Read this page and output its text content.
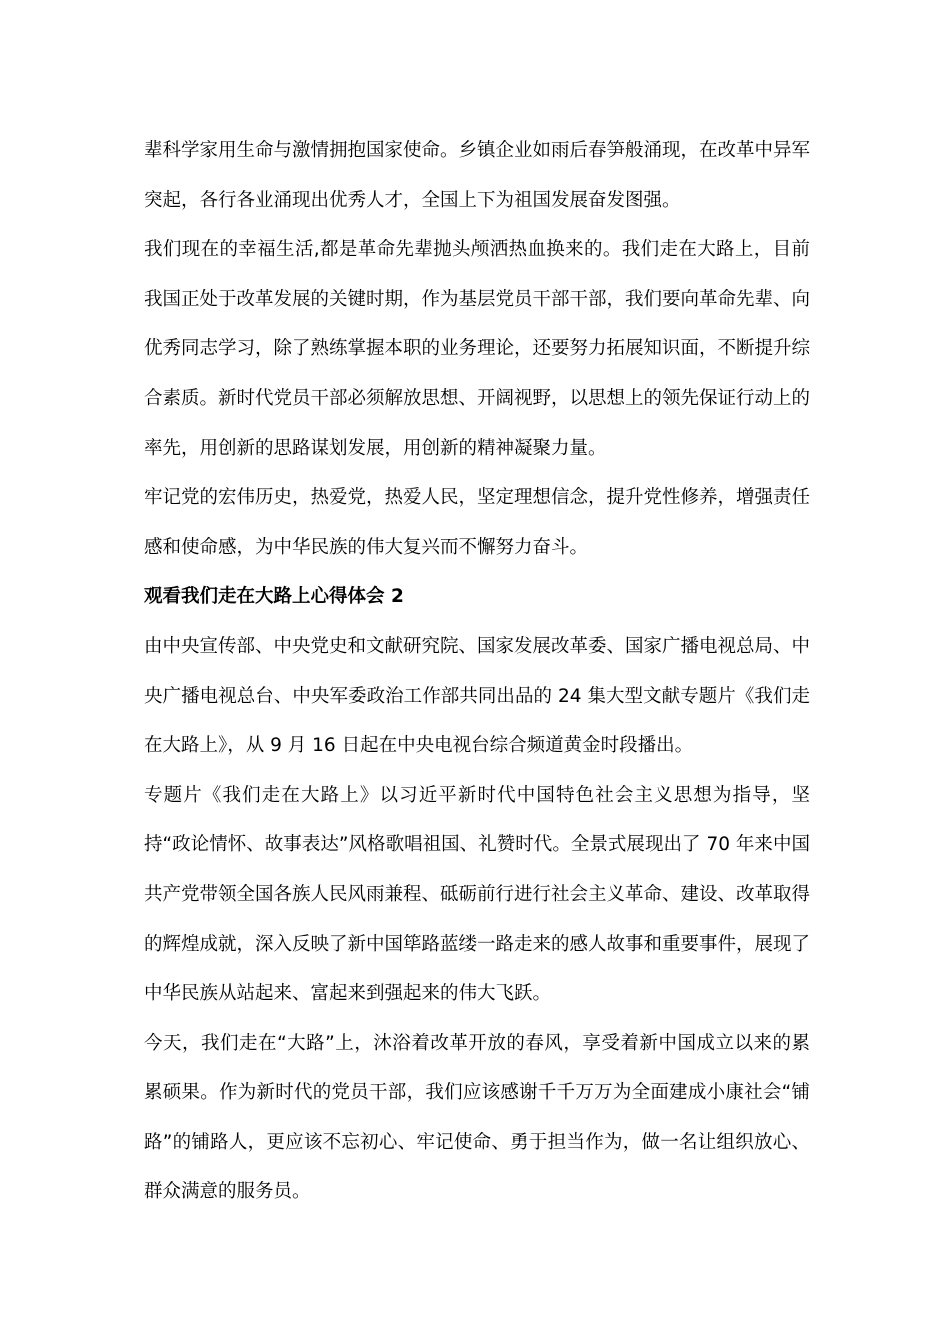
辈科学家用生命与激情拥抱国家使命。乡镇企业如雨后春笋般涌现，在改革中异军突起，各行各业涌现出优秀人才，全国上下为祖国发展奋发图强。

我们现在的幸福生活,都是革命先辈抛头颅洒热血换来的。我们走在大路上，目前我国正处于改革发展的关键时期，作为基层党员干部干部，我们要向革命先辈、向优秀同志学习，除了熟练掌握本职的业务理论，还要努力拓展知识面，不断提升综合素质。新时代党员干部必须解放思想、开阔视野，以思想上的领先保证行动上的率先，用创新的思路谋划发展，用创新的精神凝聚力量。

牢记党的宏伟历史，热爱党，热爱人民，坚定理想信念，提升党性修养，增强责任感和使命感，为中华民族的伟大复兴而不懈努力奋斗。

观看我们走在大路上心得体会 2

由中央宣传部、中央党史和文献研究院、国家发展改革委、国家广播电视总局、中央广播电视总台、中央军委政治工作部共同出品的 24 集大型文献专题片《我们走在大路上》，从 9 月 16 日起在中央电视台综合频道黄金时段播出。

专题片《我们走在大路上》以习近平新时代中国特色社会主义思想为指导，坚持“政论情怀、故事表达”风格歌唱祖国、礼赞时代。全景式展现出了 70 年来中国共产党带领全国各族人民风雨兼程、砥砺前行进行社会主义革命、建设、改革取得的辉煌成就，深入反映了新中国筚路蓝缕一路走来的感人故事和重要事件，展现了中华民族从站起来、富起来到强起来的伟大飞跃。

今天，我们走在“大路”上，沐浴着改革开放的春风，享受着新中国成立以来的累累硕果。作为新时代的党员干部，我们应该感谢千千万万为全面建成小康社会“铺路”的铺路人，更应该不忘初心、牢记使命、勇于担当作为，做一名让组织放心、群众满意的服务员。
